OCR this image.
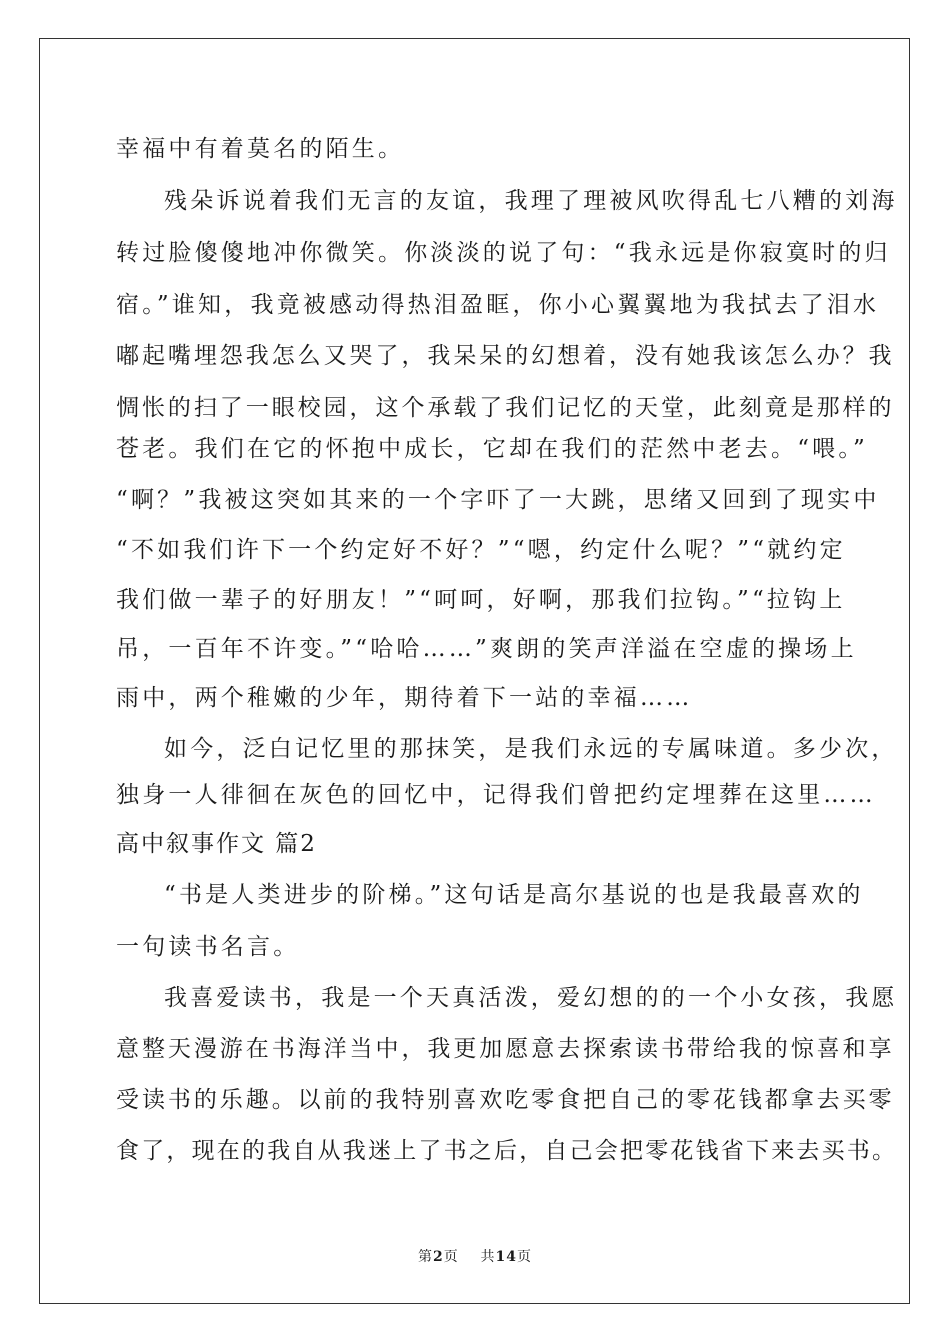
幸福中有着莫名的陌生。
残朵诉说着我们无言的友谊，我理了理被风吹得乱七八糟的刘海
转过脸傻傻地冲你微笑。你淡淡的说了句：“我永远是你寂寞时的归
宿。”谁知，我竟被感动得热泪盈眶，你小心翼翼地为我拭去了泪水
嘟起嘴埋怨我怎么又哭了，我呆呆的幻想着，没有她我该怎么办？我
惆怅的扫了一眼校园，这个承载了我们记忆的天堂，此刻竟是那样的
苍老。我们在它的怀抱中成长，它却在我们的茫然中老去。“喂。”
“啊？”我被这突如其来的一个字吓了一大跳，思绪又回到了现实中
“不如我们许下一个约定好不好？”“嗯，约定什么呢？”“就约定
我们做一辈子的好朋友！”“呵呵，好啊，那我们拉钩。”“拉钩上
吊，一百年不许变。”“哈哈……”爽朗的笑声洋溢在空虚的操场上
雨中，两个稚嫩的少年，期待着下一站的幸福……
如今，泛白记忆里的那抹笑，是我们永远的专属味道。多少次，
独身一人徘徊在灰色的回忆中，记得我们曾把约定埋葬在这里……
高中叙事作文 篇2
“书是人类进步的阶梯。”这句话是高尔基说的也是我最喜欢的
一句读书名言。
我喜爱读书，我是一个天真活泼，爱幻想的的一个小女孩，我愿
意整天漫游在书海洋当中，我更加愿意去探索读书带给我的惊喜和享
受读书的乐趣。以前的我特别喜欢吃零食把自己的零花钱都拿去买零
食了，现在的我自从我迷上了书之后，自己会把零花钱省下来去买书。
第2页 共14页
